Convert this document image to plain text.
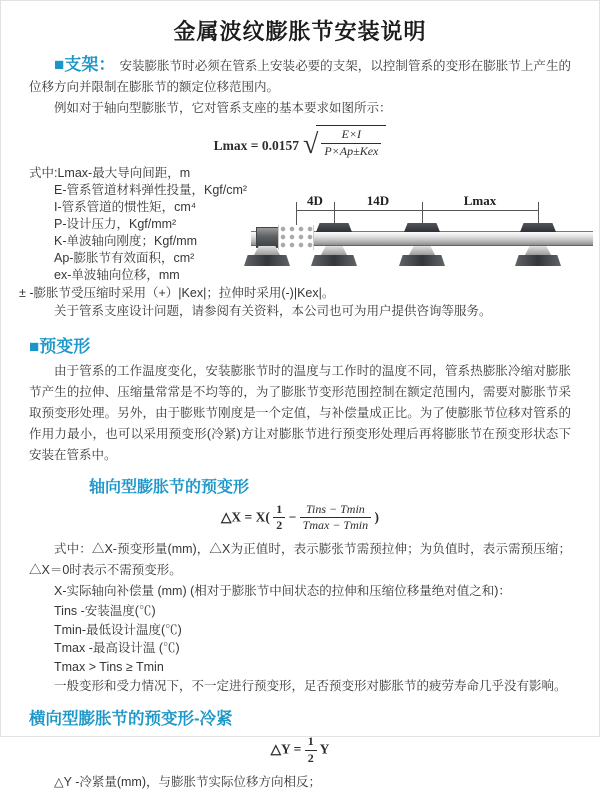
金属波纹膨胀节安装说明

■支架： 安装膨胀节时必须在管系上安装必要的支架，以控制管系的变形在膨胀节上产生的位移方向并限制在膨胀节的额定位移范围内。

例如对于轴向型膨胀节，它对管系支座的基本要求如图所示：

Lmax = 0.0157 √ $\frac{E\times I}{\text{P×Ap±Kex}}$
式中:Lmax-最大导向间距，m
E-管系管道材料弹性投量，Kgf/cm²
I-管系管道的惯性矩，cm⁴
P-设计压力，Kgf/mm²
K-单波轴向刚度；Kgf/mm
Ap-膨胀节有效面积，cm²
ex-单波轴向位移，mm

± -膨胀节受压缩时采用（+）|Kex|；拉伸时采用(-)|Kex|。

关于管系支座设计问题，请参阅有关资料，本公司也可为用户提供咨询等服务。

4D	14D	Lmax
■预变形

由于管系的工作温度变化，安装膨胀节时的温度与工作时的温度不同，管系热膨胀冷缩对膨胀节产生的拉伸、压缩量常常是不均等的，为了膨胀节变形范围控制在额定范围内，需要对膨胀节采取预变形处理。另外，由于膨账节刚度是一个定值，与补偿量成正比。为了使膨胀节位移对管系的作用力最小，也可以采用预变形(冷紧)方让对膨胀节进行预变形处理后再将膨胀节在预变形状态下安装在管系中。

轴向型膨胀节的预变形
△X = $X( \frac{1}{2} - \frac{\text{Tins − Tmin}}{Tmax - Tmin}$ )

式中：△X-预变形量(mm)，△X为正值时，表示膨张节需预拉伸；为负值时，表示需预压缩；△X＝0时表示不需预变形。

X-实际轴向补偿量 (mm) (相对于膨胀节中间状态的拉伸和压缩位移量绝对值之和)：

Tins -安装温度(℃)
Tmin-最低设计温度(℃)
Tmax -最高设计温 (℃)
Tmax > Tins ≥ Tmin

一般变形和受力情况下，不一定进行预变形，足否预变形对膨胀节的疲劳寿命几乎没有影响。

横向型膨胀节的预变形-冷紧
△Y = $\frac{1}{2}$ Y

△Y -冷紧量(mm)，与膨胀节实际位移方向相反；
